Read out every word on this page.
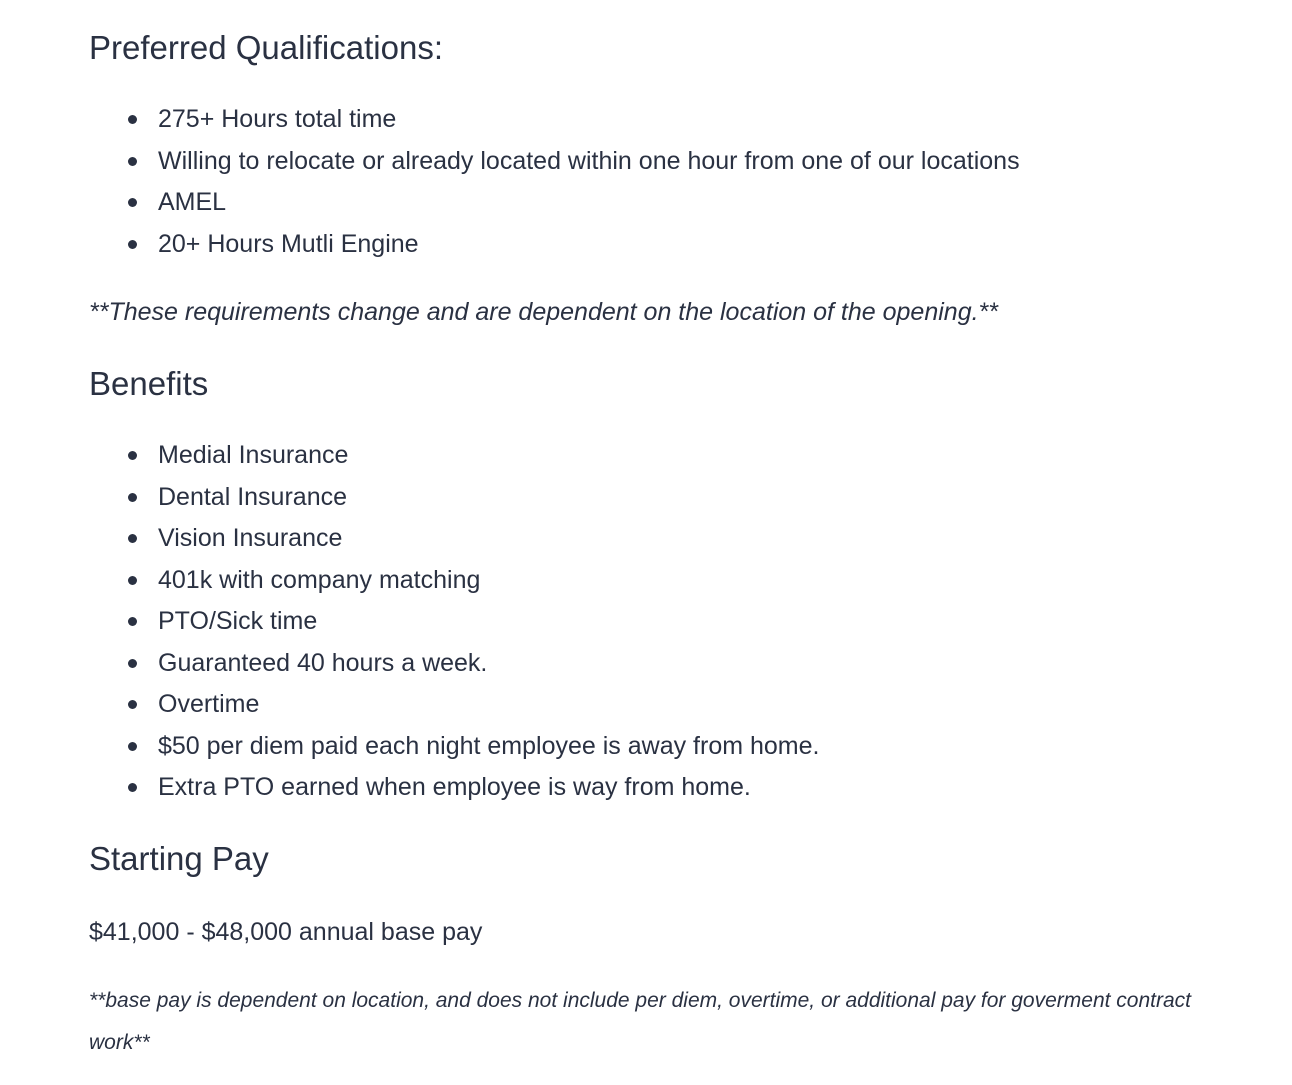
Preferred Qualifications:
275+ Hours total time
Willing to relocate or already located within one hour from one of our locations
AMEL
20+ Hours Mutli Engine

**These requirements change and are dependent on the location of the opening.**

Benefits
Medial Insurance
Dental Insurance
Vision Insurance
401k with company matching
PTO/Sick time
Guaranteed 40 hours a week.
Overtime
$50 per diem paid each night employee is away from home.
Extra PTO earned when employee is way from home.
Starting Pay

$41,000 - $48,000 annual base pay

**base pay is dependent on location, and does not include per diem, overtime, or additional pay for goverment contract work**
